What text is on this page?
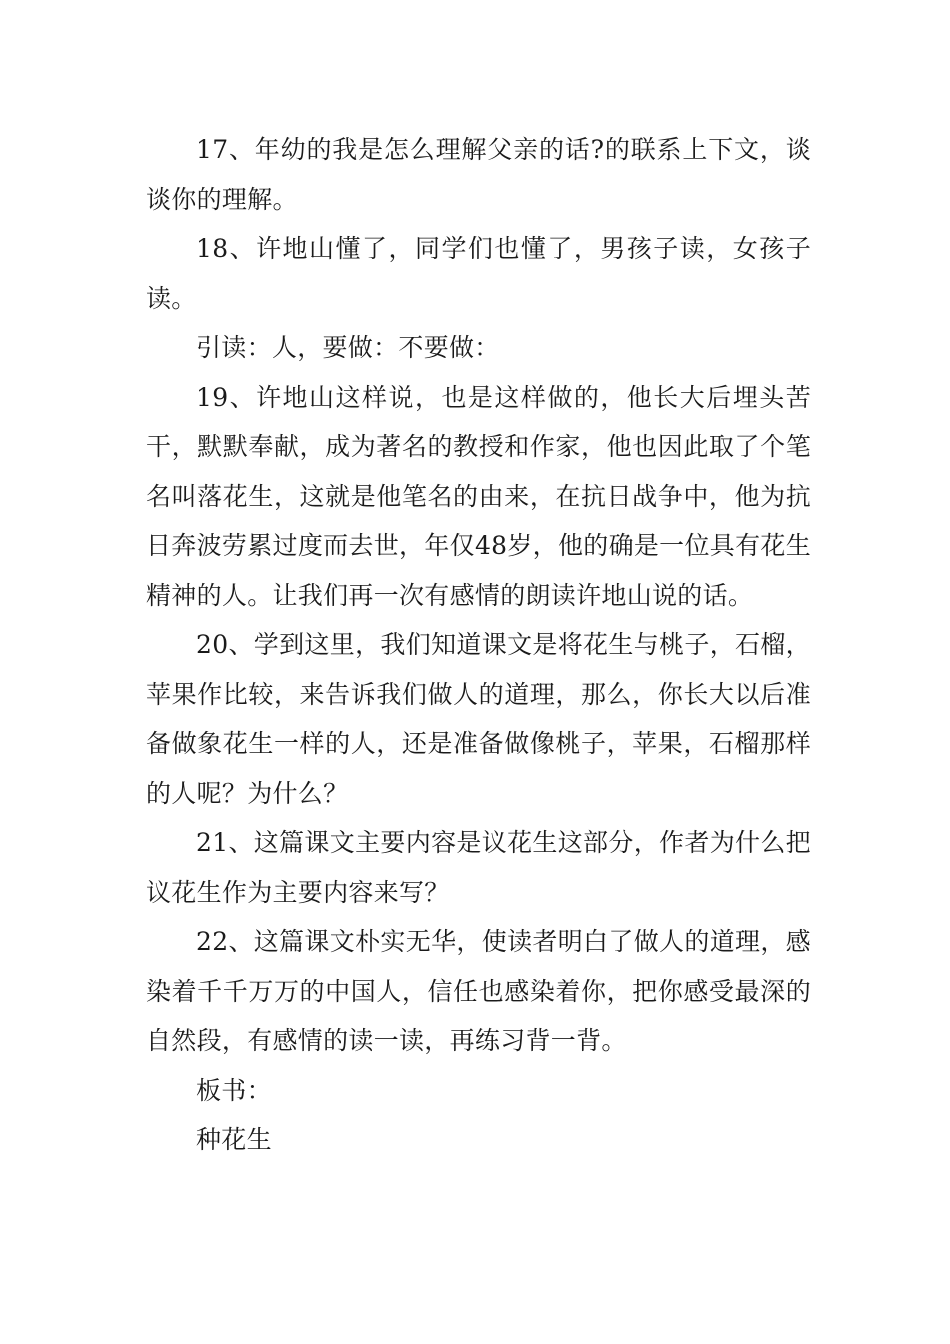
17、年幼的我是怎么理解父亲的话?的联系上下文，谈谈你的理解。

18、许地山懂了，同学们也懂了，男孩子读，女孩子读。

引读：人，要做：不要做：

19、许地山这样说，也是这样做的，他长大后埋头苦干，默默奉献，成为著名的教授和作家，他也因此取了个笔名叫落花生，这就是他笔名的由来，在抗日战争中，他为抗日奔波劳累过度而去世，年仅48岁，他的确是一位具有花生精神的人。让我们再一次有感情的朗读许地山说的话。

20、学到这里，我们知道课文是将花生与桃子，石榴，苹果作比较，来告诉我们做人的道理，那么，你长大以后准备做象花生一样的人，还是准备做像桃子，苹果，石榴那样的人呢？为什么？

21、这篇课文主要内容是议花生这部分，作者为什么把议花生作为主要内容来写？

22、这篇课文朴实无华，使读者明白了做人的道理，感染着千千万万的中国人，信任也感染着你，把你感受最深的自然段，有感情的读一读，再练习背一背。

板书：

种花生
